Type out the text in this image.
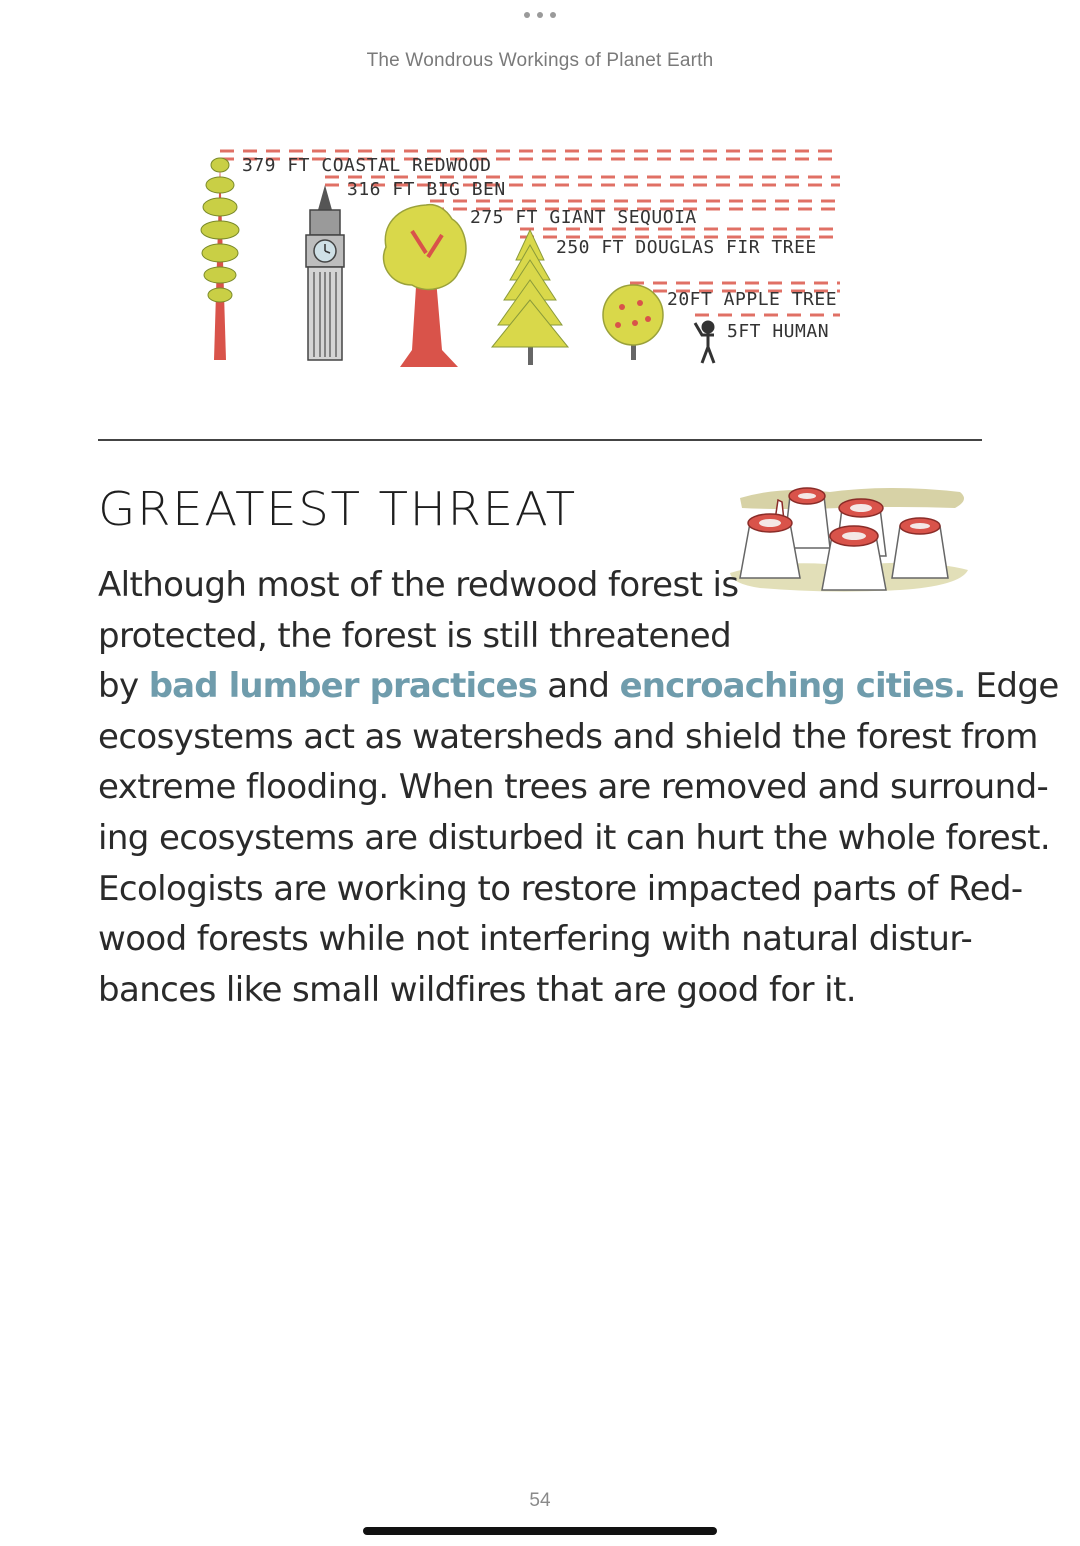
The Wondrous Workings of Planet Earth
379 FT COASTAL REDWOOD
316 FT BIG BEN
275 FT GIANT SEQUOIA
250 FT DOUGLAS FIR TREE
20FT APPLE TREE
5FT HUMAN
GREATEST THREAT
Although most of the redwood forest is
protected, the forest is still threatened
by bad lumber practices and encroaching cities. Edge
ecosystems act as watersheds and shield the forest from
extreme flooding. When trees are removed and surround-
ing ecosystems are disturbed it can hurt the whole forest.
Ecologists are working to restore impacted parts of Red-
wood forests while not interfering with natural distur-
bances like small wildfires that are good for it.
54
